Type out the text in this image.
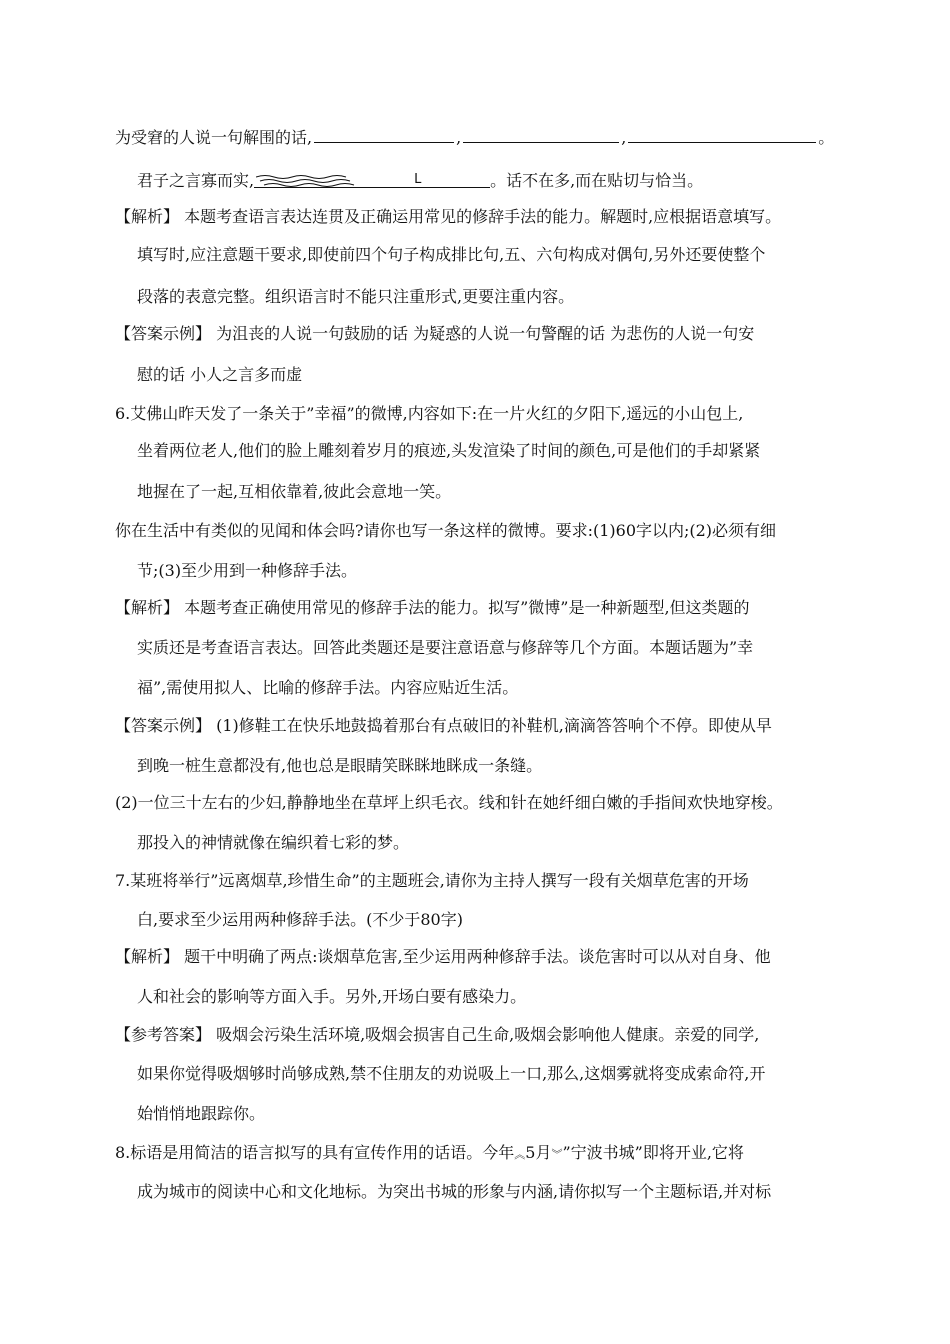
为受窘的人说一句解围的话,	,	,	。
君子之言寡而实,	L	。话不在多,而在贴切与恰当。
【解析】 本题考查语言表达连贯及正确运用常见的修辞手法的能力。解题时,应根据语意填写。
填写时,应注意题干要求,即使前四个句子构成排比句,五、六句构成对偶句,另外还要使整个
段落的表意完整。组织语言时不能只注重形式,更要注重内容。
【答案示例】 为沮丧的人说一句鼓励的话 为疑惑的人说一句警醒的话 为悲伤的人说一句安
慰的话 小人之言多而虚
6.艾佛山昨天发了一条关于”幸福”的微博,内容如下:在一片火红的夕阳下,遥远的小山包上,
坐着两位老人,他们的脸上雕刻着岁月的痕迹,头发渲染了时间的颜色,可是他们的手却紧紧
地握在了一起,互相依靠着,彼此会意地一笑。
你在生活中有类似的见闻和体会吗?请你也写一条这样的微博。要求:(1)60字以内;(2)必须有细
节;(3)至少用到一种修辞手法。
【解析】 本题考查正确使用常见的修辞手法的能力。拟写”微博”是一种新题型,但这类题的
实质还是考查语言表达。回答此类题还是要注意语意与修辞等几个方面。本题话题为”幸
福”,需使用拟人、比喻的修辞手法。内容应贴近生活。
【答案示例】 (1)修鞋工在快乐地鼓捣着那台有点破旧的补鞋机,滴滴答答响个不停。即使从早
到晚一桩生意都没有,他也总是眼睛笑眯眯地眯成一条缝。
(2)一位三十左右的少妇,静静地坐在草坪上织毛衣。线和针在她纤细白嫩的手指间欢快地穿梭。
那投入的神情就像在编织着七彩的梦。
7.某班将举行”远离烟草,珍惜生命”的主题班会,请你为主持人撰写一段有关烟草危害的开场
白,要求至少运用两种修辞手法。(不少于80字)
【解析】 题干中明确了两点:谈烟草危害,至少运用两种修辞手法。谈危害时可以从对自身、他
人和社会的影响等方面入手。另外,开场白要有感染力。
【参考答案】 吸烟会污染生活环境,吸烟会损害自己生命,吸烟会影响他人健康。亲爱的同学,
如果你觉得吸烟够时尚够成熟,禁不住朋友的劝说吸上一口,那么,这烟雾就将变成索命符,开
始悄悄地跟踪你。
8.标语是用简洁的语言拟写的具有宣传作用的话语。今年︽5月︾”宁波书城”即将开业,它将
成为城市的阅读中心和文化地标。为突出书城的形象与内涵,请你拟写一个主题标语,并对标
